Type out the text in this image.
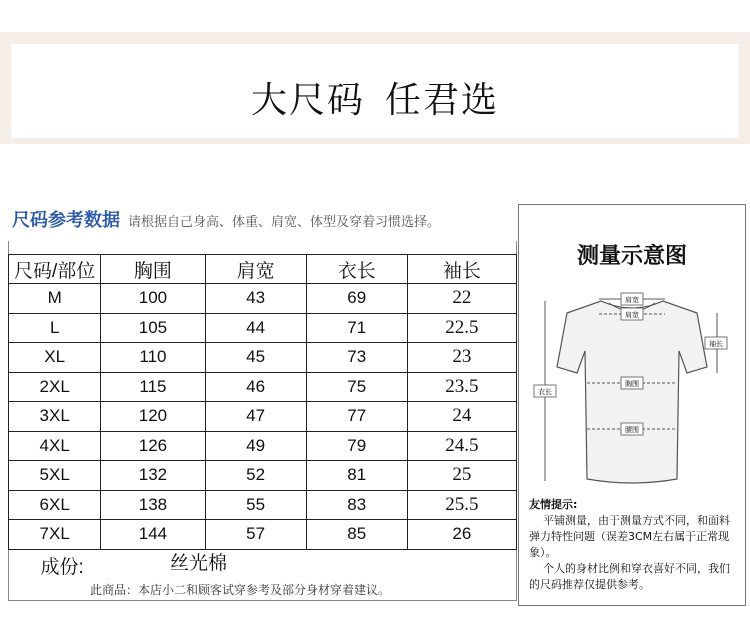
大尺码 任君选
尺码参考数据 请根据自己身高、体重、肩宽、体型及穿着习惯选择。
尺码/部位	胸围	肩宽	衣长	袖长
M	100	43	69	22
L	105	44	71	22.5
XL	110	45	73	23
2XL	115	46	75	23.5
3XL	120	47	77	24
4XL	126	49	79	24.5
5XL	132	52	81	25
6XL	138	55	83	25.5
7XL	144	57	85	26
成份:					丝光棉
此商品：本店小二和顾客试穿参考及部分身材穿着建议。
测量示意图
肩宽
肩宽
袖长
胸围
衣长
腰围
友情提示:
平铺测量，由于测量方式不同，和面料弹力特性问题（误差3CM左右属于正常现象）。
个人的身材比例和穿衣喜好不同，我们的尺码推荐仅提供参考。
